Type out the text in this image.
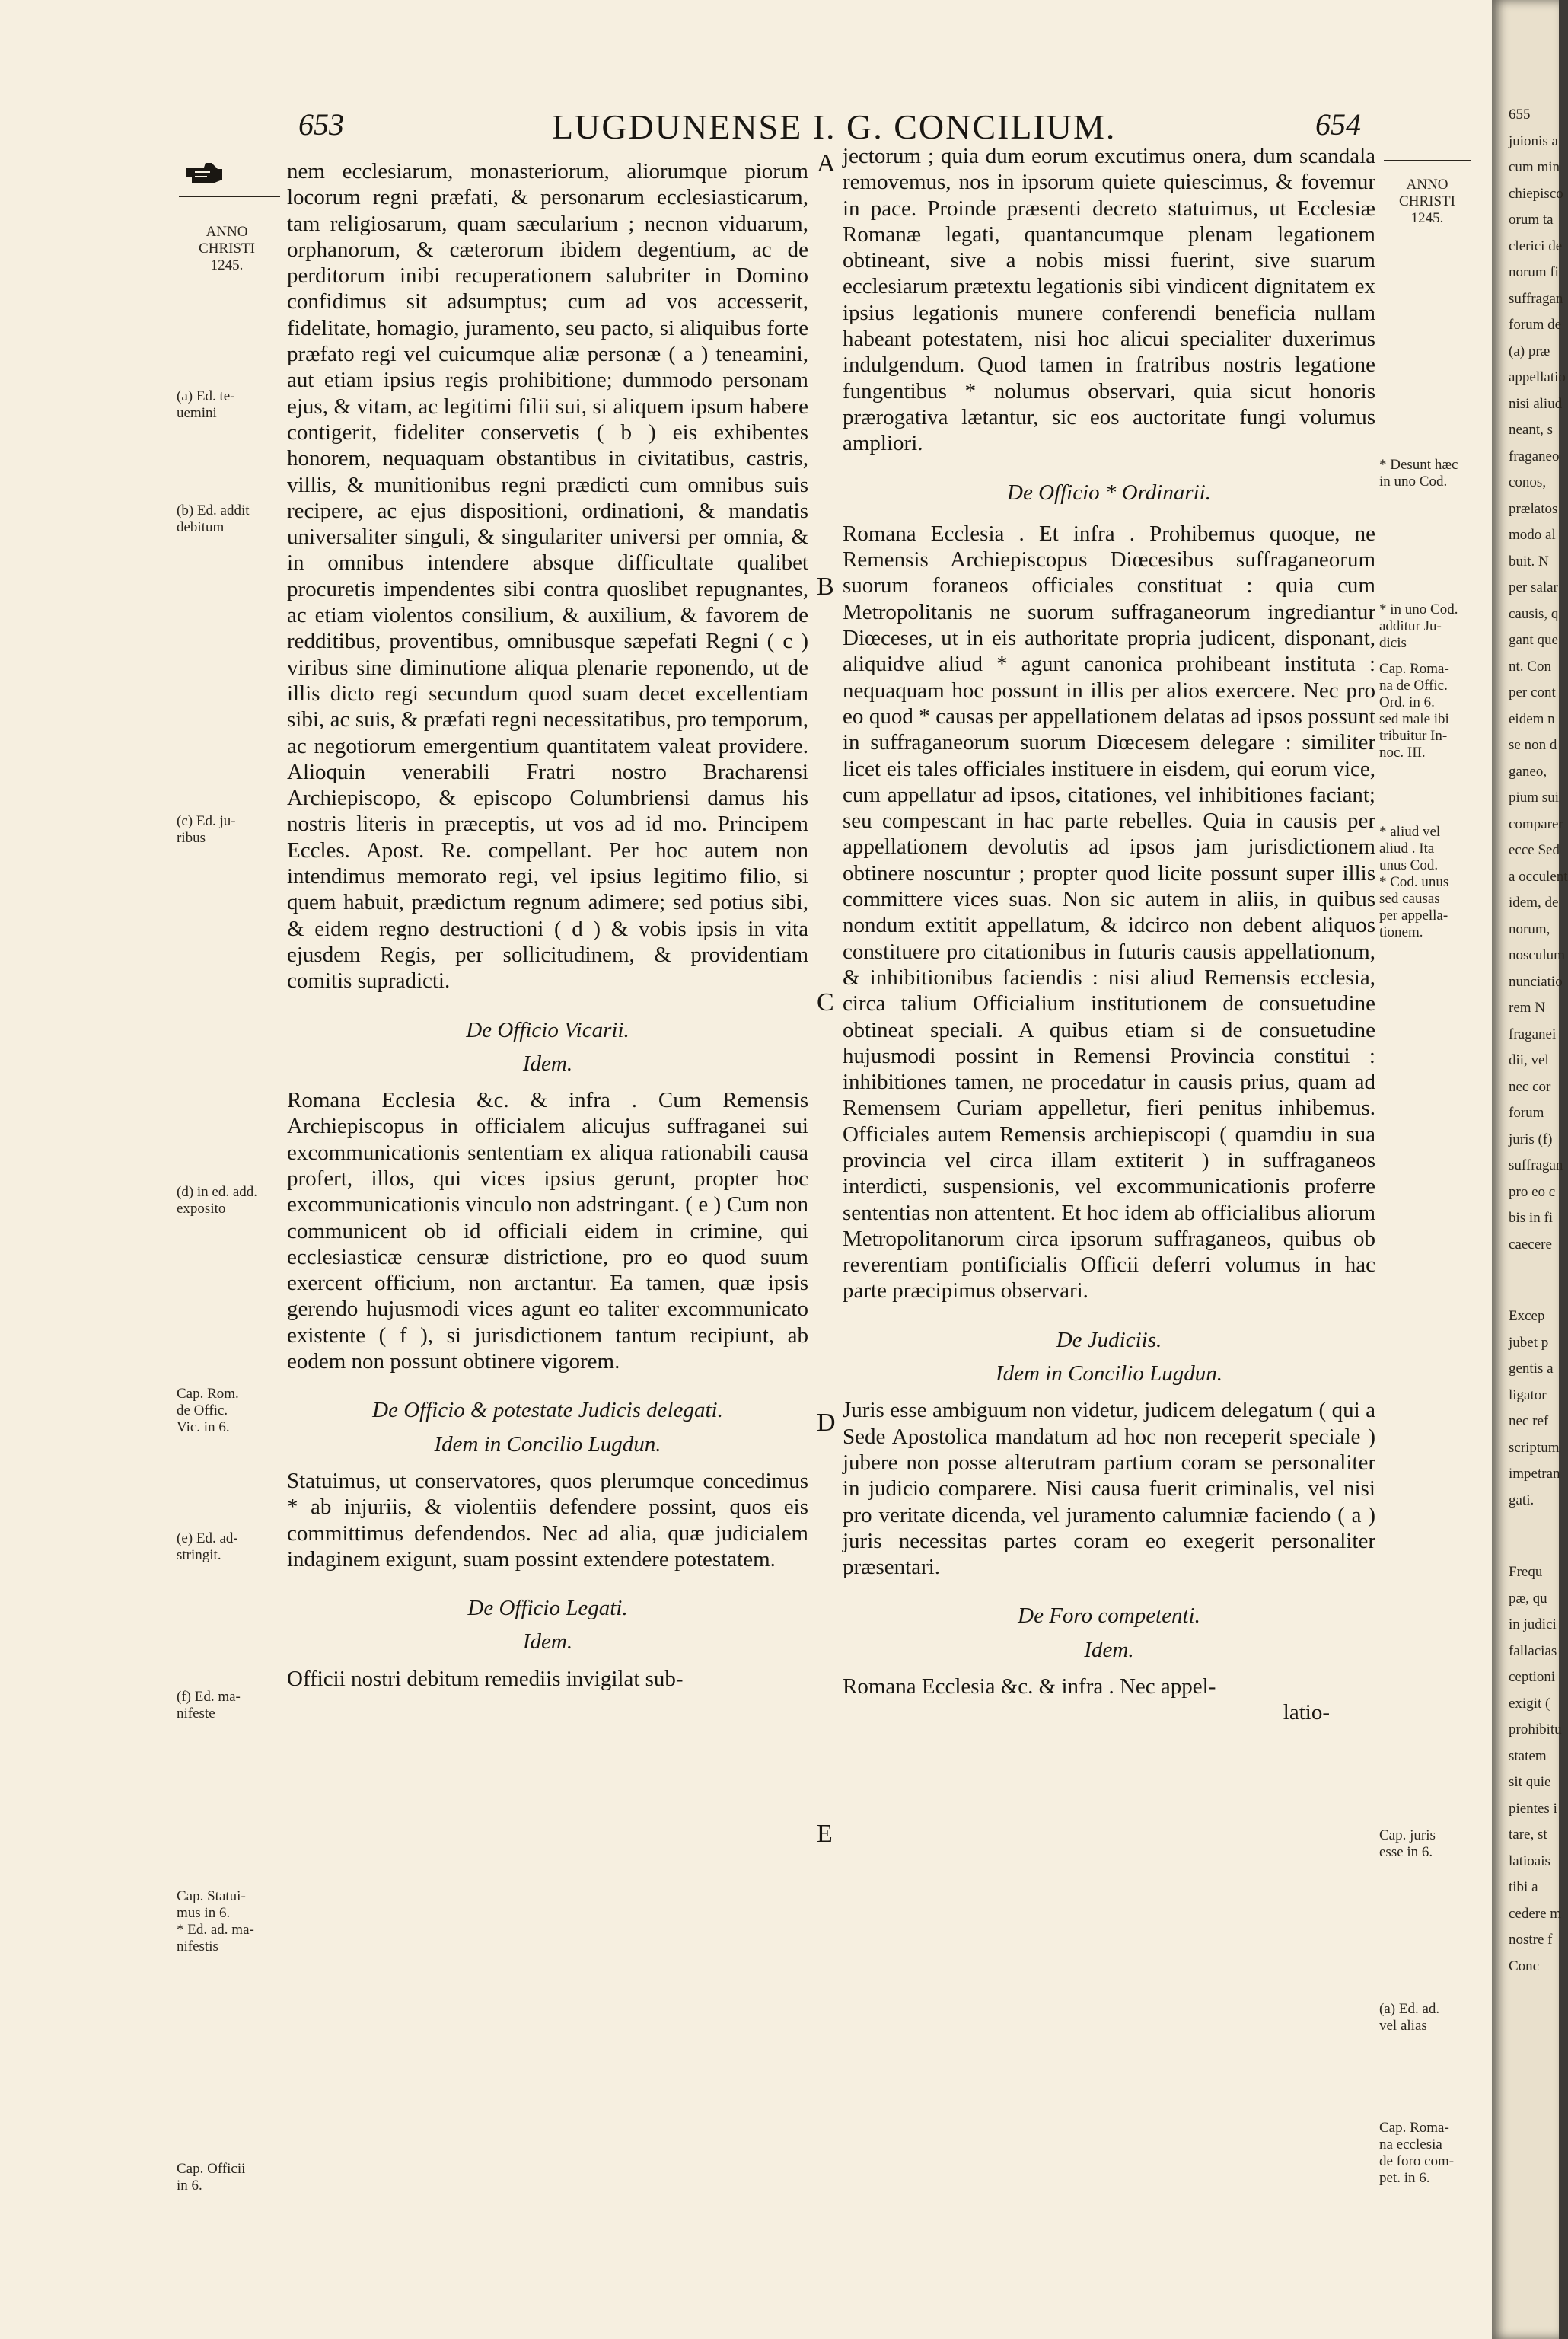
653	LUGDUNENSE I. G. CONCILIUM.	654
ANNO
CHRISTI
1245.
ANNO
CHRISTI
1245.
(a) Ed. te-
uemini
(b) Ed. addit
debitum
(c) Ed. ju-
ribus
(d) in ed. add.
exposito
Cap. Rom.
de Offic.
Vic. in 6.
(e) Ed. ad-
stringit.
(f) Ed. ma-
nifeste
Cap. Statui-
mus in 6.
* Ed. ad. ma-
nifestis
Cap. Officii
in 6.
* Desunt hæc
in uno Cod.
* in uno Cod.
additur Ju-
dicis
Cap. Roma-
na de Offic.
Ord. in 6.
sed male ibi
tribuitur In-
noc. III.
* aliud vel
aliud . Ita
unus Cod.
* Cod. unus
sed causas
per appella-
tionem.
Cap. juris
esse in 6.
(a) Ed. ad.
vel alias
Cap. Roma-
na ecclesia
de foro com-
pet. in 6.
A
B
C
D
E

nem ecclesiarum, monasteriorum, aliorumque piorum locorum regni præfati, & personarum ecclesiasticarum, tam religiosarum, quam sæcularium ; necnon viduarum, orphanorum, & cæterorum ibidem degentium, ac de perditorum inibi recuperationem salubriter in Domino confidimus sit adsumptus; cum ad vos accesserit, fidelitate, homagio, juramento, seu pacto, si aliquibus forte præfato regi vel cuicumque aliæ personæ ( a ) teneamini, aut etiam ipsius regis prohibitione; dummodo personam ejus, & vitam, ac legitimi filii sui, si aliquem ipsum habere contigerit, fideliter conservetis ( b ) eis exhibentes honorem, nequaquam obstantibus in civitatibus, castris, villis, & munitionibus regni prædicti cum omnibus suis recipere, ac ejus dispositioni, ordinationi, & mandatis universaliter singuli, & singulariter universi per omnia, & in omnibus intendere absque difficultate qualibet procuretis impendentes sibi contra quoslibet repugnantes, ac etiam violentos consilium, & auxilium, & favorem de redditibus, proventibus, omnibusque sæpefati Regni ( c ) viribus sine diminutione aliqua plenarie reponendo, ut de illis dicto regi secundum quod suam decet excellentiam sibi, ac suis, & præfati regni necessitatibus, pro temporum, ac negotiorum emergentium quantitatem valeat providere. Alioquin venerabili Fratri nostro Bracharensi Archiepiscopo, & episcopo Columbriensi damus his nostris literis in præceptis, ut vos ad id mo. Principem Eccles. Apost. Re. compellant. Per hoc autem non intendimus memorato regi, vel ipsius legitimo filio, si quem habuit, prædictum regnum adimere; sed potius sibi, & eidem regno destructioni ( d ) & vobis ipsis in vita ejusdem Regis, per sollicitudinem, & providentiam comitis supradicti.

De Officio Vicarii.

Idem.

Romana Ecclesia &c. & infra . Cum Remensis Archiepiscopus in officialem alicujus suffraganei sui excommunicationis sententiam ex aliqua rationabili causa profert, illos, qui vices ipsius gerunt, propter hoc excommunicationis vinculo non adstringant. ( e ) Cum non communicent ob id officiali eidem in crimine, qui ecclesiasticæ censuræ districtione, pro eo quod suum exercent officium, non arctantur. Ea tamen, quæ ipsis gerendo hujusmodi vices agunt eo taliter excommunicato existente ( f ), si jurisdictionem tantum recipiunt, ab eodem non possunt obtinere vigorem.

De Officio & potestate Judicis delegati.

Idem in Concilio Lugdun.

Statuimus, ut conservatores, quos plerumque concedimus * ab injuriis, & violentiis defendere possint, quos eis committimus defendendos. Nec ad alia, quæ judicialem indaginem exigunt, suam possint extendere potestatem.

De Officio Legati.

Idem.

Officii nostri debitum remediis invigilat sub-

jectorum ; quia dum eorum excutimus onera, dum scandala removemus, nos in ipsorum quiete quiescimus, & fovemur in pace. Proinde præsenti decreto statuimus, ut Ecclesiæ Romanæ legati, quantancumque plenam legationem obtineant, sive a nobis missi fuerint, sive suarum ecclesiarum prætextu legationis sibi vindicent dignitatem ex ipsius legationis munere conferendi beneficia nullam habeant potestatem, nisi hoc alicui specialiter duxerimus indulgendum. Quod tamen in fratribus nostris legatione fungentibus * nolumus observari, quia sicut honoris prærogativa lætantur, sic eos auctoritate fungi volumus ampliori.

De Officio * Ordinarii.

Romana Ecclesia . Et infra . Prohibemus quoque, ne Remensis Archiepiscopus Diœcesibus suffraganeorum suorum foraneos officiales constituat : quia cum Metropolitanis ne suorum suffraganeorum ingrediantur Diœceses, ut in eis authoritate propria judicent, disponant, aliquidve aliud * agunt canonica prohibeant instituta : nequaquam hoc possunt in illis per alios exercere. Nec pro eo quod * causas per appellationem delatas ad ipsos possunt in suffraganeorum suorum Diœcesem delegare : similiter licet eis tales officiales instituere in eisdem, qui eorum vice, cum appellatur ad ipsos, citationes, vel inhibitiones faciant; seu compescant in hac parte rebelles. Quia in causis per appellationem devolutis ad ipsos jam jurisdictionem obtinere noscuntur ; propter quod licite possunt super illis committere vices suas. Non sic autem in aliis, in quibus nondum extitit appellatum, & idcirco non debent aliquos constituere pro citationibus in futuris causis appellationum, & inhibitionibus faciendis : nisi aliud Remensis ecclesia, circa talium Officialium institutionem de consuetudine obtineat speciali. A quibus etiam si de consuetudine hujusmodi possint in Remensi Provincia constitui : inhibitiones tamen, ne procedatur in causis prius, quam ad Remensem Curiam appelletur, fieri penitus inhibemus. Officiales autem Remensis archiepiscopi ( quamdiu in sua provincia vel circa illam extiterit ) in suffraganeos interdicti, suspensionis, vel excommunicationis proferre sententias non attentent. Et hoc idem ab officialibus aliorum Metropolitanorum circa ipsorum suffraganeos, quibus ob reverentiam pontificialis Officii deferri volumus in hac parte præcipimus observari.

De Judiciis.

Idem in Concilio Lugdun.

Juris esse ambiguum non videtur, judicem delegatum ( qui a Sede Apostolica mandatum ad hoc non receperit speciale ) jubere non posse alterutram partium coram se personaliter in judicio comparere. Nisi causa fuerit criminalis, vel nisi pro veritate dicenda, vel juramento calumniæ faciendo ( a ) juris necessitas partes coram eo exegerit personaliter præsentari.

De Foro competenti.

Idem.

Romana Ecclesia &c. & infra . Nec appel-

latio-

655
juionis a
cum min
chiepisco
orum ta
clerici de
norum fi
suffragan
forum de
(a) præ
appellatio
nisi aliud
neant, s
fraganeo
conos,
prælatos
modo al
buit. N
per salar
causis, q
gant que
nt. Con
per cont
eidem n
se non d
ganeo,
pium sui
comparer
ecce Sed
a occulent
idem, de
norum,
nosculum
nunciatio
rem N
fraganei
dii, vel
nec cor
forum
juris (f)
suffragan
pro eo c
bis in fi
caecere
Excep
jubet p
gentis a
ligator
nec ref
scriptum
impetran
gati.
Frequ
pæ, qu
in judici
fallacias
ceptioni
exigit (
prohibitu
statem
sit quie
pientes i
tare, st
latioais
tibi a
cedere m
nostre f
Conc
